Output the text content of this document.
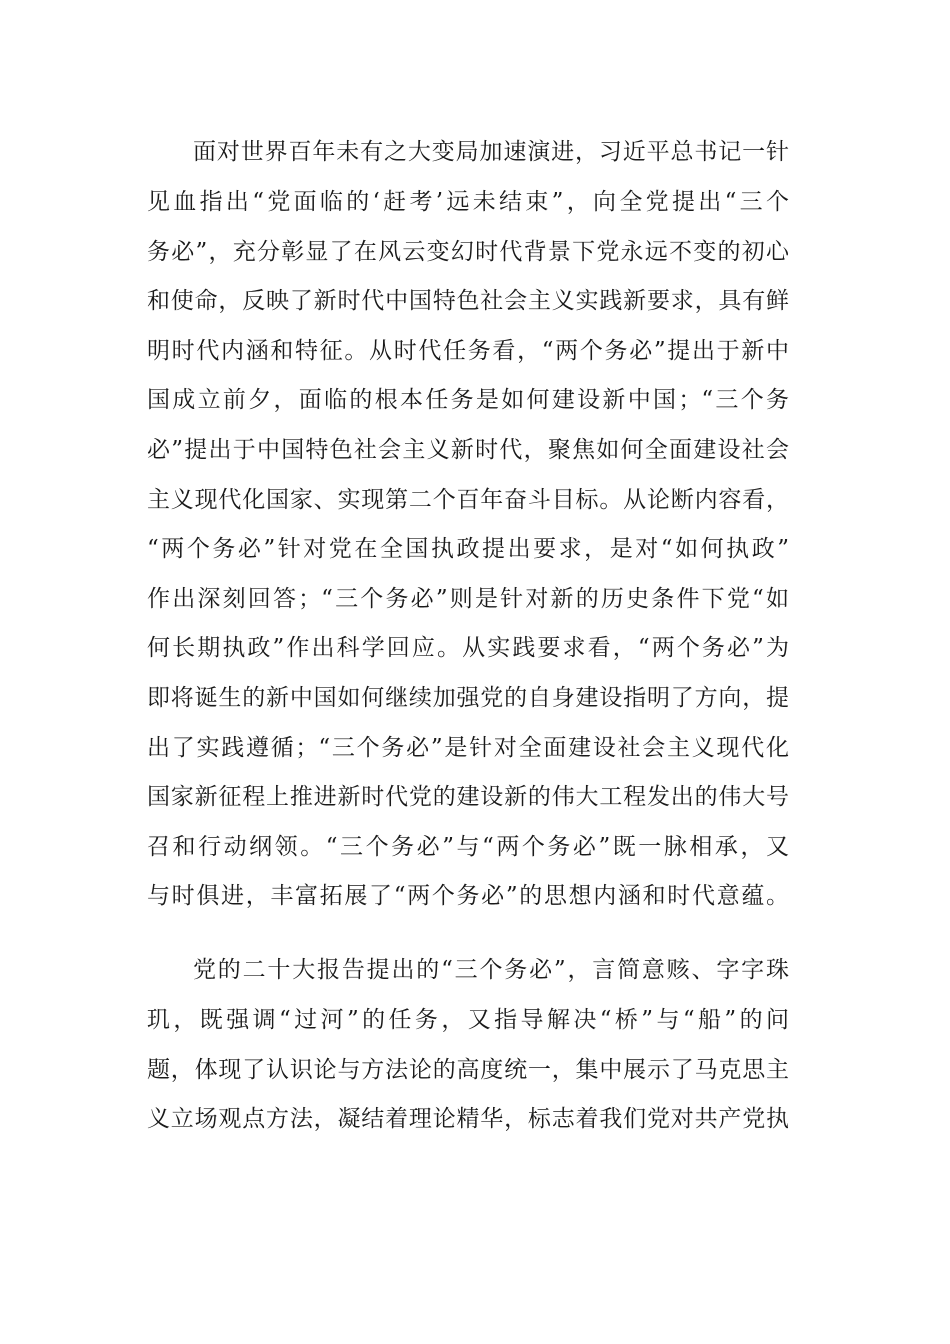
面对世界百年未有之大变局加速演进，习近平总书记一针
见血指出“党面临的‘赶考’远未结束”，向全党提出“三个
务必”，充分彰显了在风云变幻时代背景下党永远不变的初心
和使命，反映了新时代中国特色社会主义实践新要求，具有鲜
明时代内涵和特征。从时代任务看，“两个务必”提出于新中
国成立前夕，面临的根本任务是如何建设新中国；“三个务
必”提出于中国特色社会主义新时代，聚焦如何全面建设社会
主义现代化国家、实现第二个百年奋斗目标。从论断内容看，
“两个务必”针对党在全国执政提出要求，是对“如何执政”
作出深刻回答；“三个务必”则是针对新的历史条件下党“如
何长期执政”作出科学回应。从实践要求看，“两个务必”为
即将诞生的新中国如何继续加强党的自身建设指明了方向，提
出了实践遵循；“三个务必”是针对全面建设社会主义现代化
国家新征程上推进新时代党的建设新的伟大工程发出的伟大号
召和行动纲领。“三个务必”与“两个务必”既一脉相承，又
与时俱进，丰富拓展了“两个务必”的思想内涵和时代意蕴。
党的二十大报告提出的“三个务必”，言简意赅、字字珠
玑，既强调“过河”的任务，又指导解决“桥”与“船”的问
题，体现了认识论与方法论的高度统一，集中展示了马克思主
义立场观点方法，凝结着理论精华，标志着我们党对共产党执
